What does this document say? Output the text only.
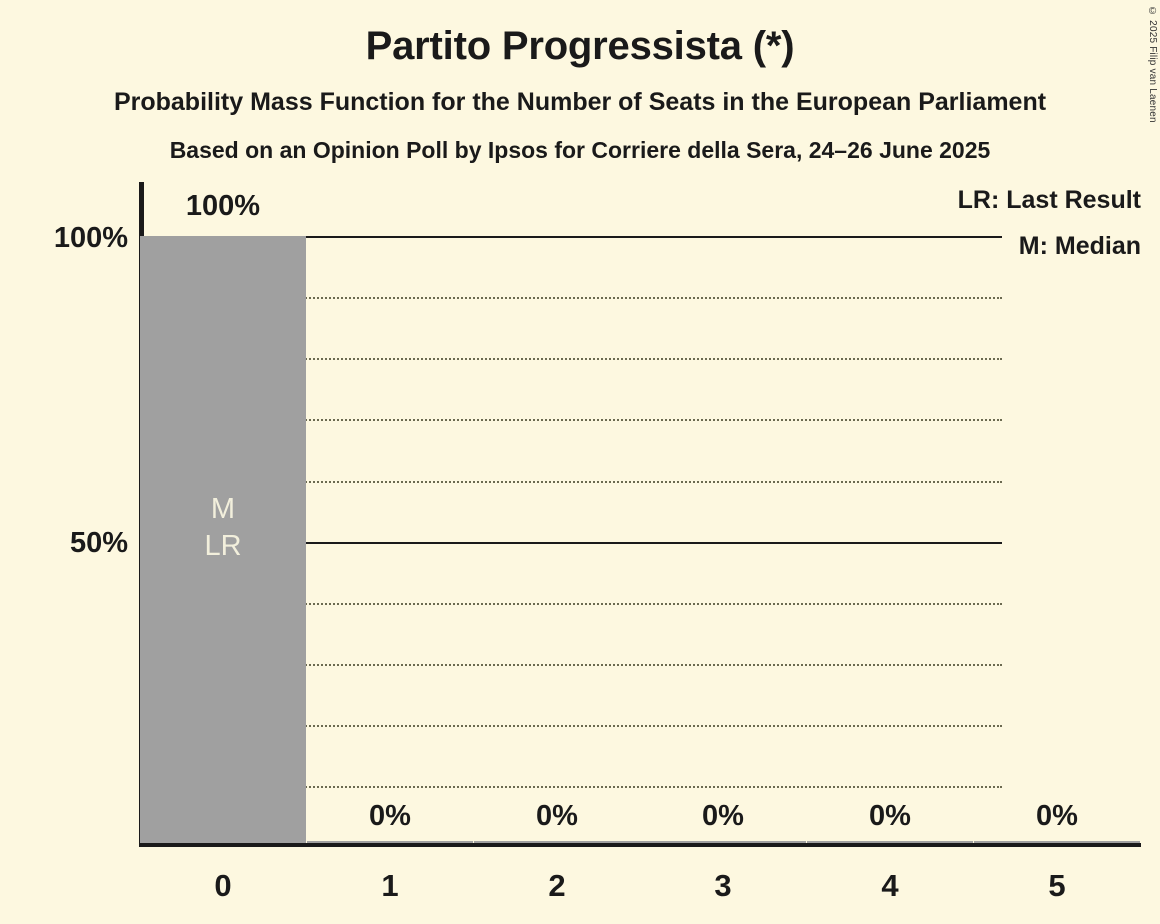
© 2025 Filip van Laenen
Partito Progressista (*)
Probability Mass Function for the Number of Seats in the European Parliament
Based on an Opinion Poll by Ipsos for Corriere della Sera, 24–26 June 2025
LR: Last Result
M: Median
100%
50%
100%
M
LR
0%	0%	0%	0%	0%
0	1	2	3	4	5
